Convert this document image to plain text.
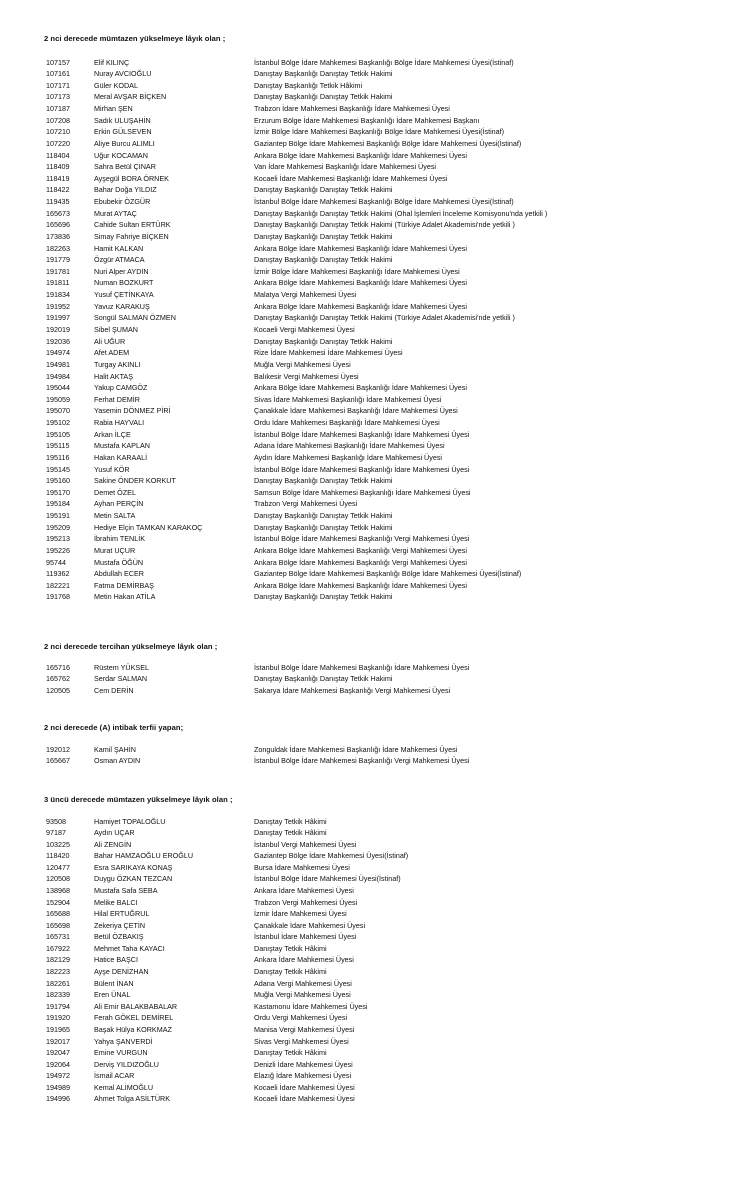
2 nci derecede mümtazen yükselmeye lâyık olan ;
107157	Elif KILINÇ	İstanbul Bölge İdare Mahkemesi Başkanlığı Bölge İdare Mahkemesi Üyesi(İstinaf)
107161	Nuray AVCIOĞLU	Danıştay Başkanlığı Danıştay Tetkik Hakimi
107171	Güler KODAL	Danıştay Başkanlığı Tetkik Hâkimi
107173	Meral AVŞAR BİÇKEN	Danıştay Başkanlığı Danıştay Tetkik Hakimi
107187	Mirhan ŞEN	Trabzon İdare Mahkemesi Başkanlığı İdare Mahkemesi Üyesi
107208	Sadık ULUŞAHİN	Erzurum Bölge İdare Mahkemesi Başkanlığı İdare Mahkemesi Başkanı
107210	Erkin GÜLSEVEN	İzmir Bölge İdare Mahkemesi Başkanlığı Bölge İdare Mahkemesi Üyesi(İstinaf)
107220	Aliye Burcu ALIMLI	Gaziantep Bölge İdare Mahkemesi Başkanlığı Bölge İdare Mahkemesi Üyesi(İstinaf)
118404	Uğur KOCAMAN	Ankara Bölge İdare Mahkemesi Başkanlığı İdare Mahkemesi Üyesi
118409	Sahra Betül ÇINAR	Van İdare Mahkemesi Başkanlığı İdare Mahkemesi Üyesi
118419	Ayşegül BORA ÖRNEK	Kocaeli İdare Mahkemesi Başkanlığı İdare Mahkemesi Üyesi
118422	Bahar Doğa YILDIZ	Danıştay Başkanlığı Danıştay Tetkik Hakimi
119435	Ebubekir ÖZGÜR	İstanbul Bölge İdare Mahkemesi Başkanlığı Bölge İdare Mahkemesi Üyesi(İstinaf)
165673	Murat AYTAÇ	Danıştay Başkanlığı Danıştay Tetkik Hakimi (Ohal İşlemleri İnceleme Komisyonu'nda yetkili )
165696	Cahide Sultan ERTÜRK	Danıştay Başkanlığı Danıştay Tetkik Hakimi (Türkiye Adalet Akademisi'nde yetkili )
173836	Simay Fahriye BİÇKEN	Danıştay Başkanlığı Danıştay Tetkik Hakimi
182263	Hamit KALKAN	Ankara Bölge İdare Mahkemesi Başkanlığı İdare Mahkemesi Üyesi
191779	Özgür ATMACA	Danıştay Başkanlığı Danıştay Tetkik Hakimi
191781	Nuri Alper AYDIN	İzmir Bölge İdare Mahkemesi Başkanlığı İdare Mahkemesi Üyesi
191811	Numan BOZKURT	Ankara Bölge İdare Mahkemesi Başkanlığı İdare Mahkemesi Üyesi
191834	Yusuf ÇETİNKAYA	Malatya Vergi Mahkemesi Üyesi
191952	Yavuz KARAKUŞ	Ankara Bölge İdare Mahkemesi Başkanlığı İdare Mahkemesi Üyesi
191997	Songül SALMAN ÖZMEN	Danıştay Başkanlığı Danıştay Tetkik Hakimi (Türkiye Adalet Akademisi'nde yetkili )
192019	Sibel ŞUMAN	Kocaeli Vergi Mahkemesi Üyesi
192036	Ali UĞUR	Danıştay Başkanlığı Danıştay Tetkik Hakimi
194974	Afet ADEM	Rize İdare Mahkemesi İdare Mahkemesi Üyesi
194981	Turgay AKINLI	Muğla Vergi Mahkemesi Üyesi
194984	Halit AKTAŞ	Balıkesir Vergi Mahkemesi Üyesi
195044	Yakup CAMGÖZ	Ankara Bölge İdare Mahkemesi Başkanlığı İdare Mahkemesi Üyesi
195059	Ferhat DEMİR	Sivas İdare Mahkemesi Başkanlığı İdare Mahkemesi Üyesi
195070	Yasemin DÖNMEZ PİRİ	Çanakkale İdare Mahkemesi Başkanlığı İdare Mahkemesi Üyesi
195102	Rabia HAYVALI	Ordu İdare Mahkemesi Başkanlığı İdare Mahkemesi Üyesi
195105	Arkan İLÇE	İstanbul Bölge İdare Mahkemesi Başkanlığı İdare Mahkemesi Üyesi
195115	Mustafa KAPLAN	Adana İdare Mahkemesi Başkanlığı İdare Mahkemesi Üyesi
195116	Hakan KARAALİ	Aydın İdare Mahkemesi Başkanlığı İdare Mahkemesi Üyesi
195145	Yusuf KÖR	İstanbul Bölge İdare Mahkemesi Başkanlığı İdare Mahkemesi Üyesi
195160	Sakine ÖNDER KORKUT	Danıştay Başkanlığı Danıştay Tetkik Hakimi
195170	Demet ÖZEL	Samsun Bölge İdare Mahkemesi Başkanlığı İdare Mahkemesi Üyesi
195184	Ayhan PERÇİN	Trabzon Vergi Mahkemesi Üyesi
195191	Metin SALTA	Danıştay Başkanlığı Danıştay Tetkik Hakimi
195209	Hediye Elçin TAMKAN KARAKOÇ	Danıştay Başkanlığı Danıştay Tetkik Hakimi
195213	İbrahim TENLİK	İstanbul Bölge İdare Mahkemesi Başkanlığı Vergi Mahkemesi Üyesi
195226	Murat UÇUR	Ankara Bölge İdare Mahkemesi Başkanlığı Vergi Mahkemesi Üyesi
95744	Mustafa ÖĞÜN	Ankara Bölge İdare Mahkemesi Başkanlığı Vergi Mahkemesi Üyesi
119362	Abdullah ECER	Gaziantep Bölge İdare Mahkemesi Başkanlığı Bölge İdare Mahkemesi Üyesi(İstinaf)
182221	Fatma DEMİRBAŞ	Ankara Bölge İdare Mahkemesi Başkanlığı İdare Mahkemesi Üyesi
191768	Metin Hakan ATİLA	Danıştay Başkanlığı Danıştay Tetkik Hakimi
2 nci derecede tercihan yükselmeye lâyık olan ;
165716	Rüstem YÜKSEL	İstanbul Bölge İdare Mahkemesi Başkanlığı İdare Mahkemesi Üyesi
165762	Serdar SALMAN	Danıştay Başkanlığı Danıştay Tetkik Hakimi
120505	Cem DERİN	Sakarya İdare Mahkemesi Başkanlığı Vergi Mahkemesi Üyesi
2 nci derecede (A) intibak terfii yapan;
192012	Kamil ŞAHİN	Zonguldak İdare Mahkemesi Başkanlığı İdare Mahkemesi Üyesi
165667	Osman AYDIN	İstanbul Bölge İdare Mahkemesi Başkanlığı Vergi Mahkemesi Üyesi
3 üncü derecede mümtazen yükselmeye lâyık olan ;
93508	Hamiyet TOPALOĞLU	Danıştay Tetkik Hâkimi
97187	Aydın UÇAR	Danıştay Tetkik Hâkimi
103225	Ali ZENGİN	İstanbul Vergi Mahkemesi Üyesi
118420	Bahar HAMZAOĞLU EROĞLU	Gaziantep Bölge İdare Mahkemesi Üyesi(İstinaf)
120477	Esra SARIKAYA KONAŞ	Bursa İdare Mahkemesi Üyesi
120508	Duygu ÖZKAN TEZCAN	İstanbul Bölge İdare Mahkemesi Üyesi(İstinaf)
138968	Mustafa Safa SEBA	Ankara İdare Mahkemesi Üyesi
152904	Melike BALCI	Trabzon Vergi Mahkemesi Üyesi
165688	Hilal ERTUĞRUL	İzmir İdare Mahkemesi Üyesi
165698	Zekeriya ÇETİN	Çanakkale İdare Mahkemesi Üyesi
165731	Betül ÖZBAKIŞ	İstanbul İdare Mahkemesi Üyesi
167922	Mehmet Taha KAYACI	Danıştay Tetkik Hâkimi
182129	Hatice BAŞCI	Ankara İdare Mahkemesi Üyesi
182223	Ayşe DENİZHAN	Danıştay Tetkik Hâkimi
182261	Bülent İNAN	Adana Vergi Mahkemesi Üyesi
182339	Eren ÜNAL	Muğla Vergi Mahkemesi Üyesi
191794	Ali Emir BALAKBABALAR	Kastamonu İdare Mahkemesi Üyesi
191920	Ferah GÖKEL DEMİREL	Ordu Vergi Mahkemesi Üyesi
191965	Başak Hülya KORKMAZ	Manisa Vergi Mahkemesi Üyesi
192017	Yahya ŞANVERDİ	Sivas Vergi Mahkemesi Üyesi
192047	Emine VURGUN	Danıştay Tetkik Hâkimi
192064	Derviş YILDIZOĞLU	Denizli İdare Mahkemesi Üyesi
194972	İsmail ACAR	Elazığ İdare Mahkemesi Üyesi
194989	Kemal ALİMOĞLU	Kocaeli İdare Mahkemesi Üyesi
194996	Ahmet Tolga ASİLTÜRK	Kocaeli İdare Mahkemesi Üyesi
